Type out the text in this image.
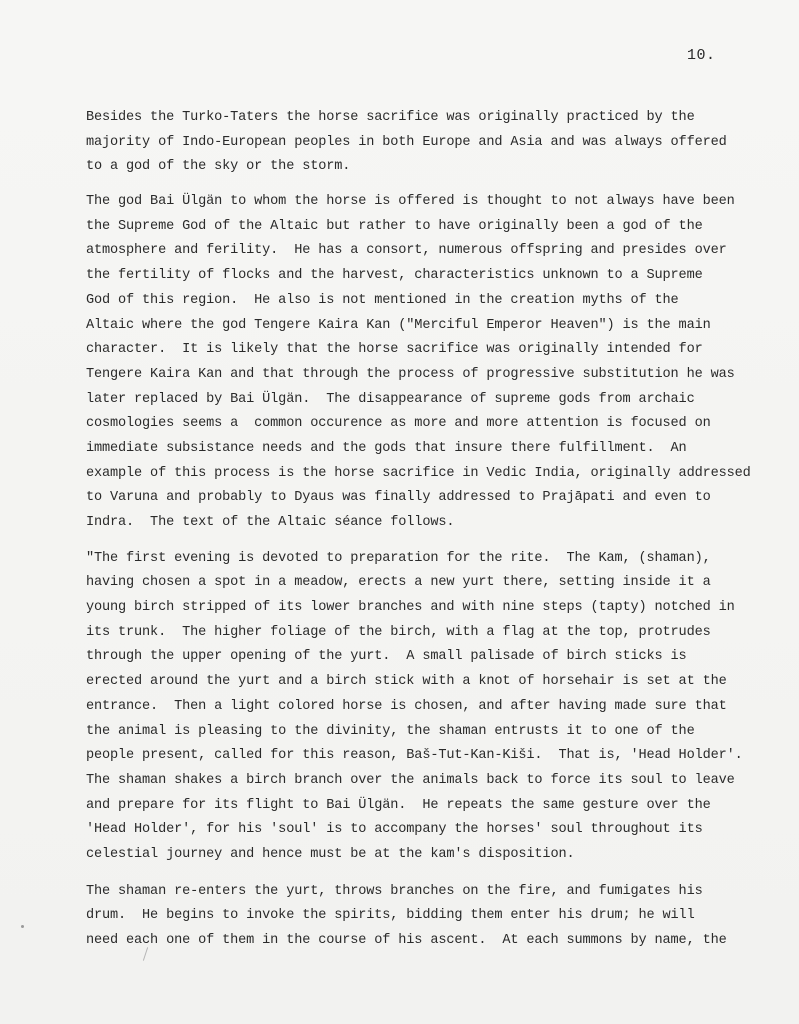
10.
Besides the Turko-Taters the horse sacrifice was originally practiced by the
majority of Indo-European peoples in both Europe and Asia and was always offered
to a god of the sky or the storm.
The god Bai Ülgän to whom the horse is offered is thought to not always have been
the Supreme God of the Altaic but rather to have originally been a god of the
atmosphere and ferility.  He has a consort, numerous offspring and presides over
the fertility of flocks and the harvest, characteristics unknown to a Supreme
God of this region.  He also is not mentioned in the creation myths of the
Altaic where the god Tengere Kaira Kan ("Merciful Emperor Heaven") is the main
character.  It is likely that the horse sacrifice was originally intended for
Tengere Kaira Kan and that through the process of progressive substitution he was
later replaced by Bai Ülgän.  The disappearance of supreme gods from archaic
cosmologies seems a  common occurence as more and more attention is focused on
immediate subsistance needs and the gods that insure there fulfillment.  An
example of this process is the horse sacrifice in Vedic India, originally addressed
to Varuna and probably to Dyaus was finally addressed to Prajāpati and even to
Indra.  The text of the Altaic séance follows.
"The first evening is devoted to preparation for the rite.  The Kam, (shaman),
having chosen a spot in a meadow, erects a new yurt there, setting inside it a
young birch stripped of its lower branches and with nine steps (tapty) notched in
its trunk.  The higher foliage of the birch, with a flag at the top, protrudes
through the upper opening of the yurt.  A small palisade of birch sticks is
erected around the yurt and a birch stick with a knot of horsehair is set at the
entrance.  Then a light colored horse is chosen, and after having made sure that
the animal is pleasing to the divinity, the shaman entrusts it to one of the
people present, called for this reason, Baš-Tut-Kan-Kiši.  That is, 'Head Holder'.
The shaman shakes a birch branch over the animals back to force its soul to leave
and prepare for its flight to Bai Ülgän.  He repeats the same gesture over the
'Head Holder', for his 'soul' is to accompany the horses' soul throughout its
celestial journey and hence must be at the kam's disposition.
The shaman re-enters the yurt, throws branches on the fire, and fumigates his
drum.  He begins to invoke the spirits, bidding them enter his drum; he will
need each one of them in the course of his ascent.  At each summons by name, the
